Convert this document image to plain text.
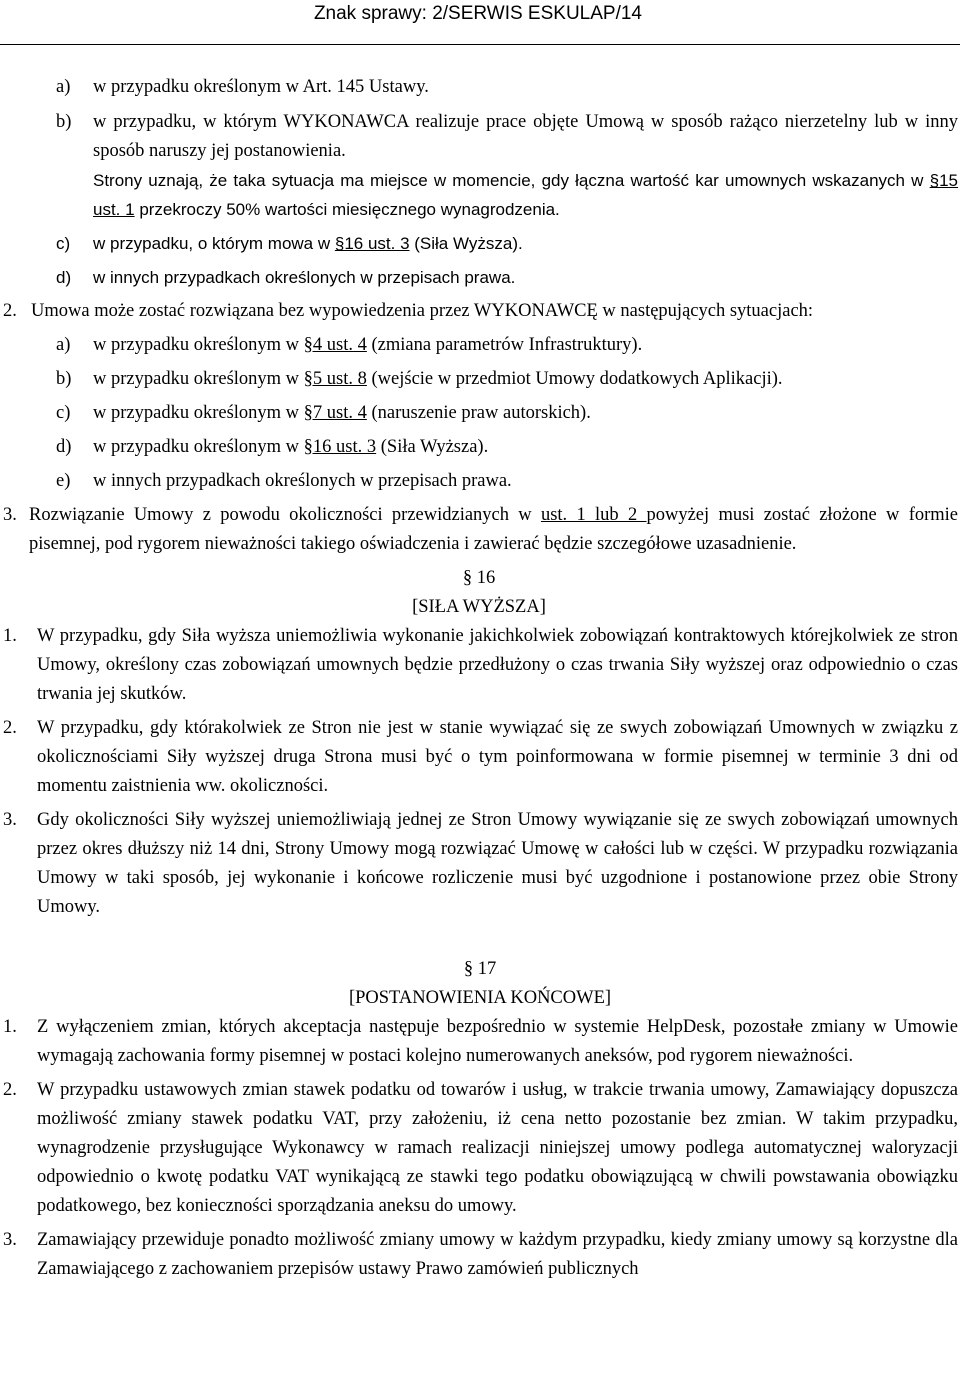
Znak sprawy: 2/SERWIS ESKULAP/14
a) w przypadku określonym w Art. 145 Ustawy.

b) w przypadku, w którym WYKONAWCA realizuje prace objęte Umową w sposób rażąco nierzetelny lub w inny sposób naruszy jej postanowienia.

Strony uznają, że taka sytuacja ma miejsce w momencie, gdy łączna wartość kar umownych wskazanych w §15 ust. 1 przekroczy 50% wartości miesięcznego wynagrodzenia.

c) w przypadku, o którym mowa w §16 ust. 3 (Siła Wyższa).

d) w innych przypadkach określonych w przepisach prawa.

2. Umowa może zostać rozwiązana bez wypowiedzenia przez WYKONAWCĘ w następujących sytuacjach:

a) w przypadku określonym w §4 ust. 4 (zmiana parametrów Infrastruktury).

b) w przypadku określonym w §5 ust. 8 (wejście w przedmiot Umowy dodatkowych Aplikacji).

c) w przypadku określonym w §7 ust. 4 (naruszenie praw autorskich).

d) w przypadku określonym w §16 ust. 3 (Siła Wyższa).

e) w innych przypadkach określonych w przepisach prawa.

3. Rozwiązanie Umowy z powodu okoliczności przewidzianych w ust. 1 lub 2 powyżej musi zostać złożone w formie pisemnej, pod rygorem nieważności takiego oświadczenia i zawierać będzie szczegółowe uzasadnienie.

§ 16

[SIŁA WYŻSZA]

1. W przypadku, gdy Siła wyższa uniemożliwia wykonanie jakichkolwiek zobowiązań kontraktowych którejkolwiek ze stron Umowy, określony czas zobowiązań umownych będzie przedłużony o czas trwania Siły wyższej oraz odpowiednio o czas trwania jej skutków.

2. W przypadku, gdy którakolwiek ze Stron nie jest w stanie wywiązać się ze swych zobowiązań Umownych w związku z okolicznościami Siły wyższej druga Strona musi być o tym poinformowana w formie pisemnej w terminie 3 dni od momentu zaistnienia ww. okoliczności.

3. Gdy okoliczności Siły wyższej uniemożliwiają jednej ze Stron Umowy wywiązanie się ze swych zobowiązań umownych przez okres dłuższy niż 14 dni, Strony Umowy mogą rozwiązać Umowę w całości lub w części. W przypadku rozwiązania Umowy w taki sposób, jej wykonanie i końcowe rozliczenie musi być uzgodnione i postanowione przez obie Strony Umowy.

§ 17

[POSTANOWIENIA KOŃCOWE]

1. Z wyłączeniem zmian, których akceptacja następuje bezpośrednio w systemie HelpDesk, pozostałe zmiany w Umowie wymagają zachowania formy pisemnej w postaci kolejno numerowanych aneksów, pod rygorem nieważności.

2. W przypadku ustawowych zmian stawek podatku od towarów i usług, w trakcie trwania umowy, Zamawiający dopuszcza możliwość zmiany stawek podatku VAT, przy założeniu, iż cena netto pozostanie bez zmian. W takim przypadku, wynagrodzenie przysługujące Wykonawcy w ramach realizacji niniejszej umowy podlega automatycznej waloryzacji odpowiednio o kwotę podatku VAT wynikającą ze stawki tego podatku obowiązującą w chwili powstawania obowiązku podatkowego, bez konieczności sporządzania aneksu do umowy.

3. Zamawiający przewiduje ponadto możliwość zmiany umowy w każdym przypadku, kiedy zmiany umowy są korzystne dla Zamawiającego z zachowaniem przepisów ustawy Prawo zamówień publicznych
